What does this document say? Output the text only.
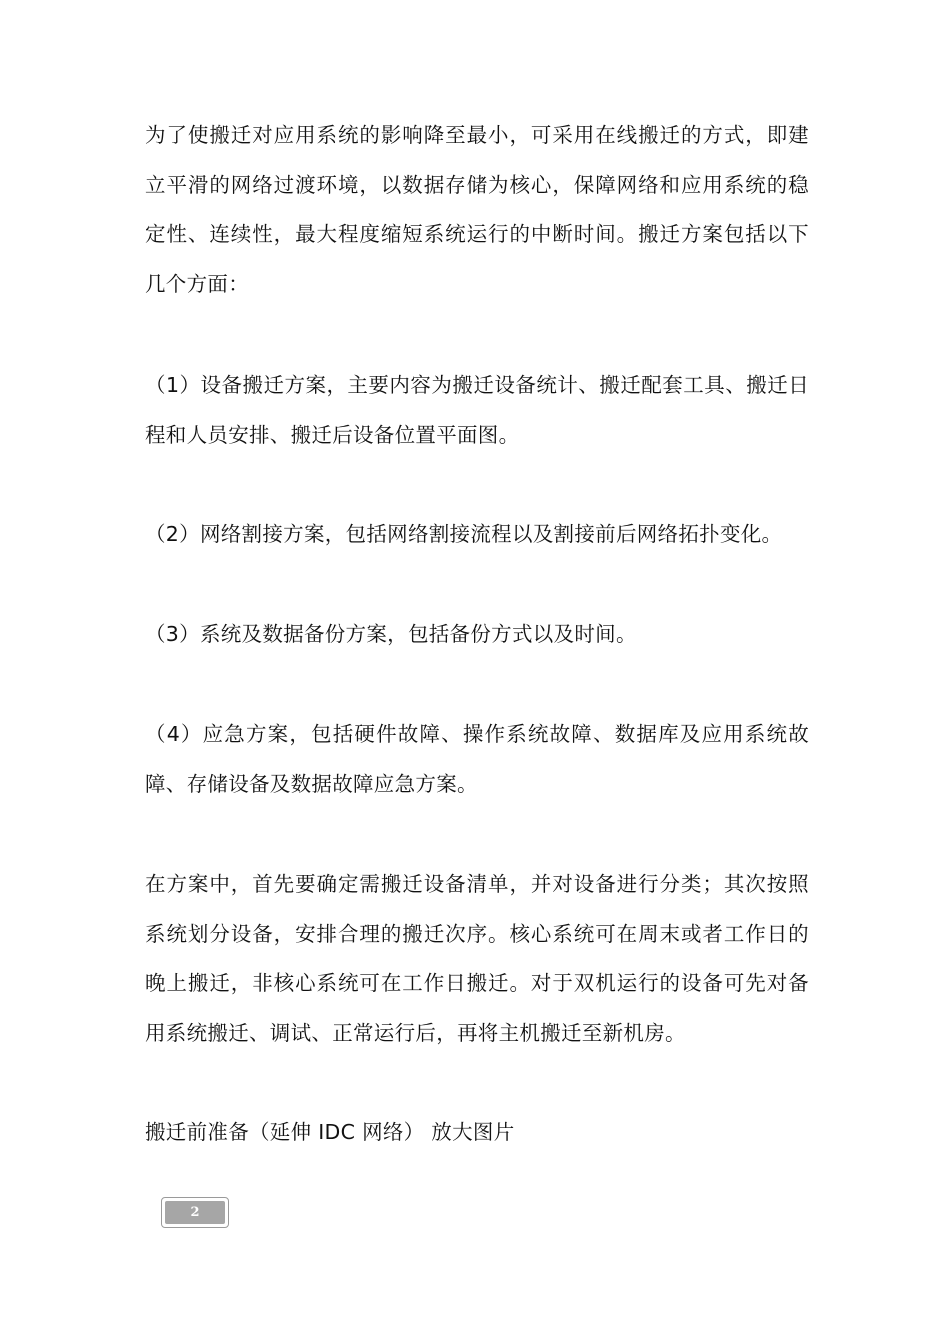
为了使搬迁对应用系统的影响降至最小，可采用在线搬迁的方式，即建立平滑的网络过渡环境，以数据存储为核心，保障网络和应用系统的稳定性、连续性，最大程度缩短系统运行的中断时间。搬迁方案包括以下几个方面：

（1）设备搬迁方案，主要内容为搬迁设备统计、搬迁配套工具、搬迁日程和人员安排、搬迁后设备位置平面图。

（2）网络割接方案，包括网络割接流程以及割接前后网络拓扑变化。

（3）系统及数据备份方案，包括备份方式以及时间。

（4）应急方案，包括硬件故障、操作系统故障、数据库及应用系统故障、存储设备及数据故障应急方案。

在方案中，首先要确定需搬迁设备清单，并对设备进行分类；其次按照系统划分设备，安排合理的搬迁次序。核心系统可在周末或者工作日的晚上搬迁，非核心系统可在工作日搬迁。对于双机运行的设备可先对备用系统搬迁、调试、正常运行后，再将主机搬迁至新机房。

搬迁前准备（延伸 IDC 网络） 放大图片

2
